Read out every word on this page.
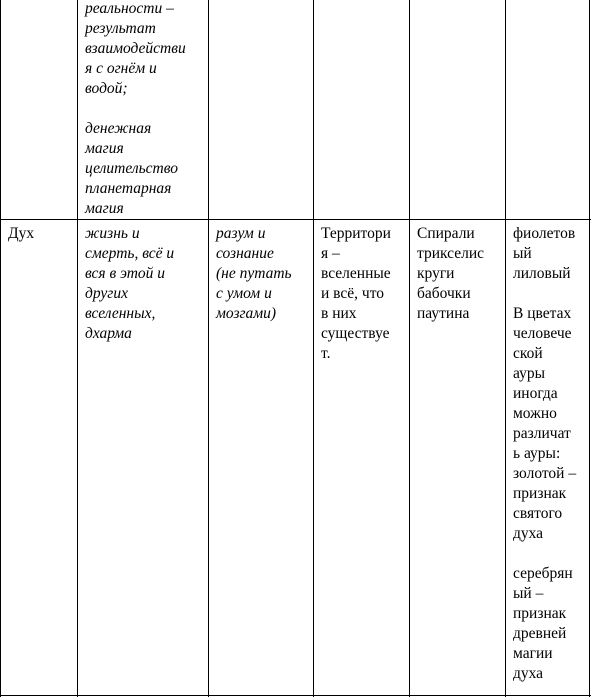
реальности –
результат
взаимодействи
я с огнём и
водой;

денежная
магия
целительство
планетарная
магия

Дух	жизнь и
смерть, всё и
вся в этой и
других
вселенных,
дхарма

разум и
сознание
(не путать
с умом и
мозгами)

Территори
я –
вселенные
и всё, что
в них
существуе
т.

Спирали
трикселис
круги
бабочки
паутина

фиолетов
ый
лиловый

В цветах
человече
ской
ауры
иногда
можно
различат
ь ауры:
золотой –
признак
святого
духа

серебрян
ый –
признак
древней
магии
духа
